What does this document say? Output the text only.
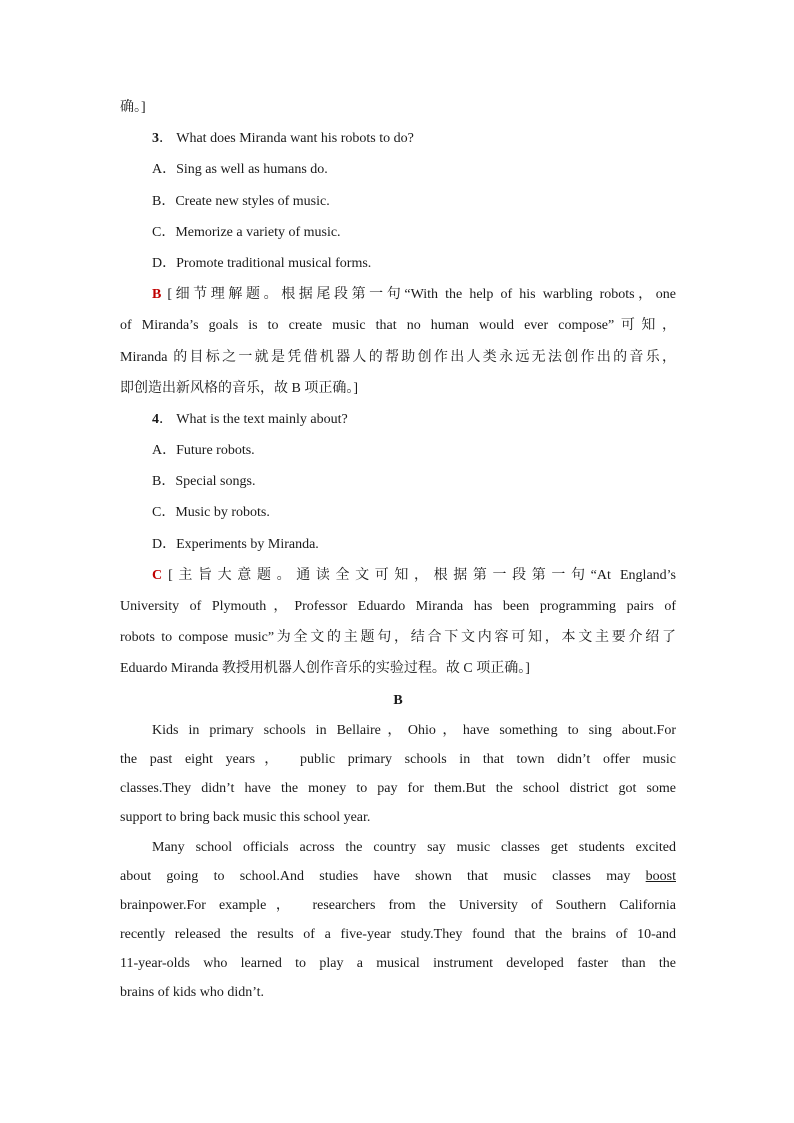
确。]
3． What does Miranda want his robots to do?
A．Sing as well as humans do.
B．Create new styles of music.
C．Memorize a variety of music.
D．Promote traditional musical forms.
B [细节理解题。根据尾段第一句“With the help of his warbling robots，one
of Miranda’s goals is to create music that no human would ever compose”可知，
Miranda 的目标之一就是凭借机器人的帮助创作出人类永远无法创作出的音乐，
即创造出新风格的音乐，故 B 项正确。]
4． What is the text mainly about?
A．Future robots.
B．Special songs.
C．Music by robots.
D．Experiments by Miranda.
C [主旨大意题。通读全文可知，根据第一段第一句“At England’s
University of Plymouth，Professor Eduardo Miranda has been programming pairs of
robots to compose music”为全文的主题句，结合下文内容可知，本文主要介绍了
Eduardo Miranda 教授用机器人创作音乐的实验过程。故 C 项正确。]
B
Kids in primary schools in Bellaire，Ohio，have something to sing about.For
the past eight years， public primary schools in that town didn’t offer music
classes.They didn’t have the money to pay for them.But the school district got some
support to bring back music this school year.
Many school officials across the country say music classes get students excited
about going to school.And studies have shown that music classes may boost
brainpower.For example， researchers from the University of Southern California
recently released the results of a five-year study.They found that the brains of 10-and
11-year-olds who learned to play a musical instrument developed faster than the
brains of kids who didn’t.
